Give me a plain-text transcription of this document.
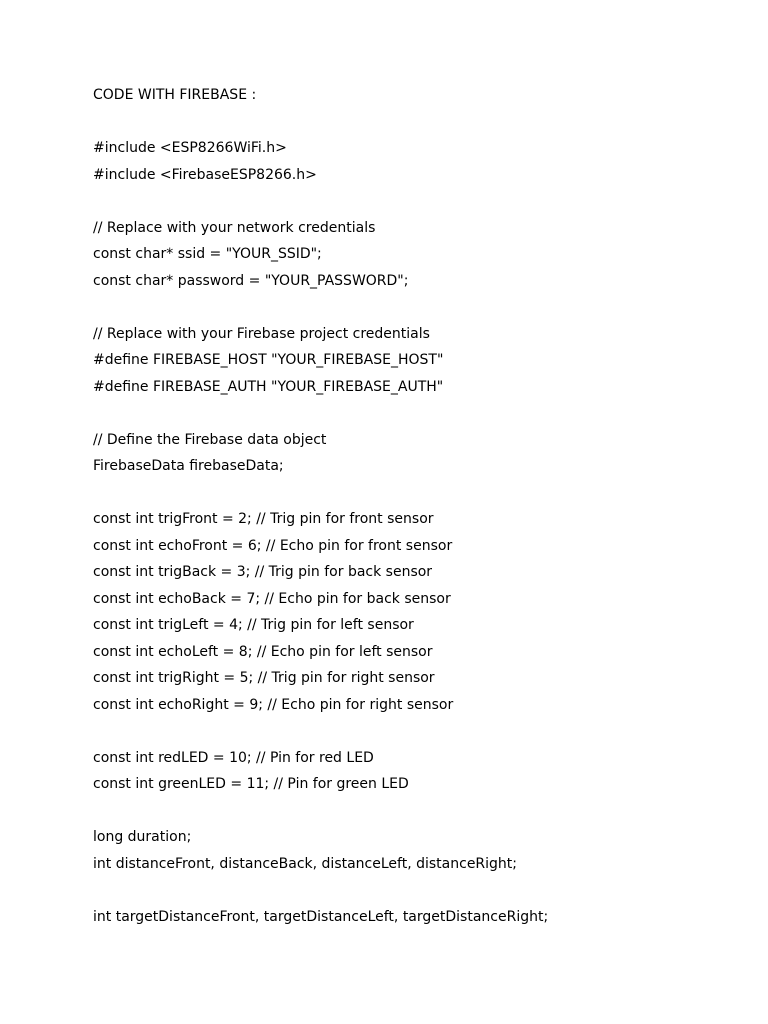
CODE WITH FIREBASE :
#include <ESP8266WiFi.h>
#include <FirebaseESP8266.h>
// Replace with your network credentials
const char* ssid = "YOUR_SSID";
const char* password = "YOUR_PASSWORD";
// Replace with your Firebase project credentials
#define FIREBASE_HOST "YOUR_FIREBASE_HOST"
#define FIREBASE_AUTH "YOUR_FIREBASE_AUTH"
// Define the Firebase data object
FirebaseData firebaseData;
const int trigFront = 2; // Trig pin for front sensor
const int echoFront = 6; // Echo pin for front sensor
const int trigBack = 3; // Trig pin for back sensor
const int echoBack = 7; // Echo pin for back sensor
const int trigLeft = 4; // Trig pin for left sensor
const int echoLeft = 8; // Echo pin for left sensor
const int trigRight = 5; // Trig pin for right sensor
const int echoRight = 9; // Echo pin for right sensor
const int redLED = 10; // Pin for red LED
const int greenLED = 11; // Pin for green LED
long duration;
int distanceFront, distanceBack, distanceLeft, distanceRight;
int targetDistanceFront, targetDistanceLeft, targetDistanceRight;
